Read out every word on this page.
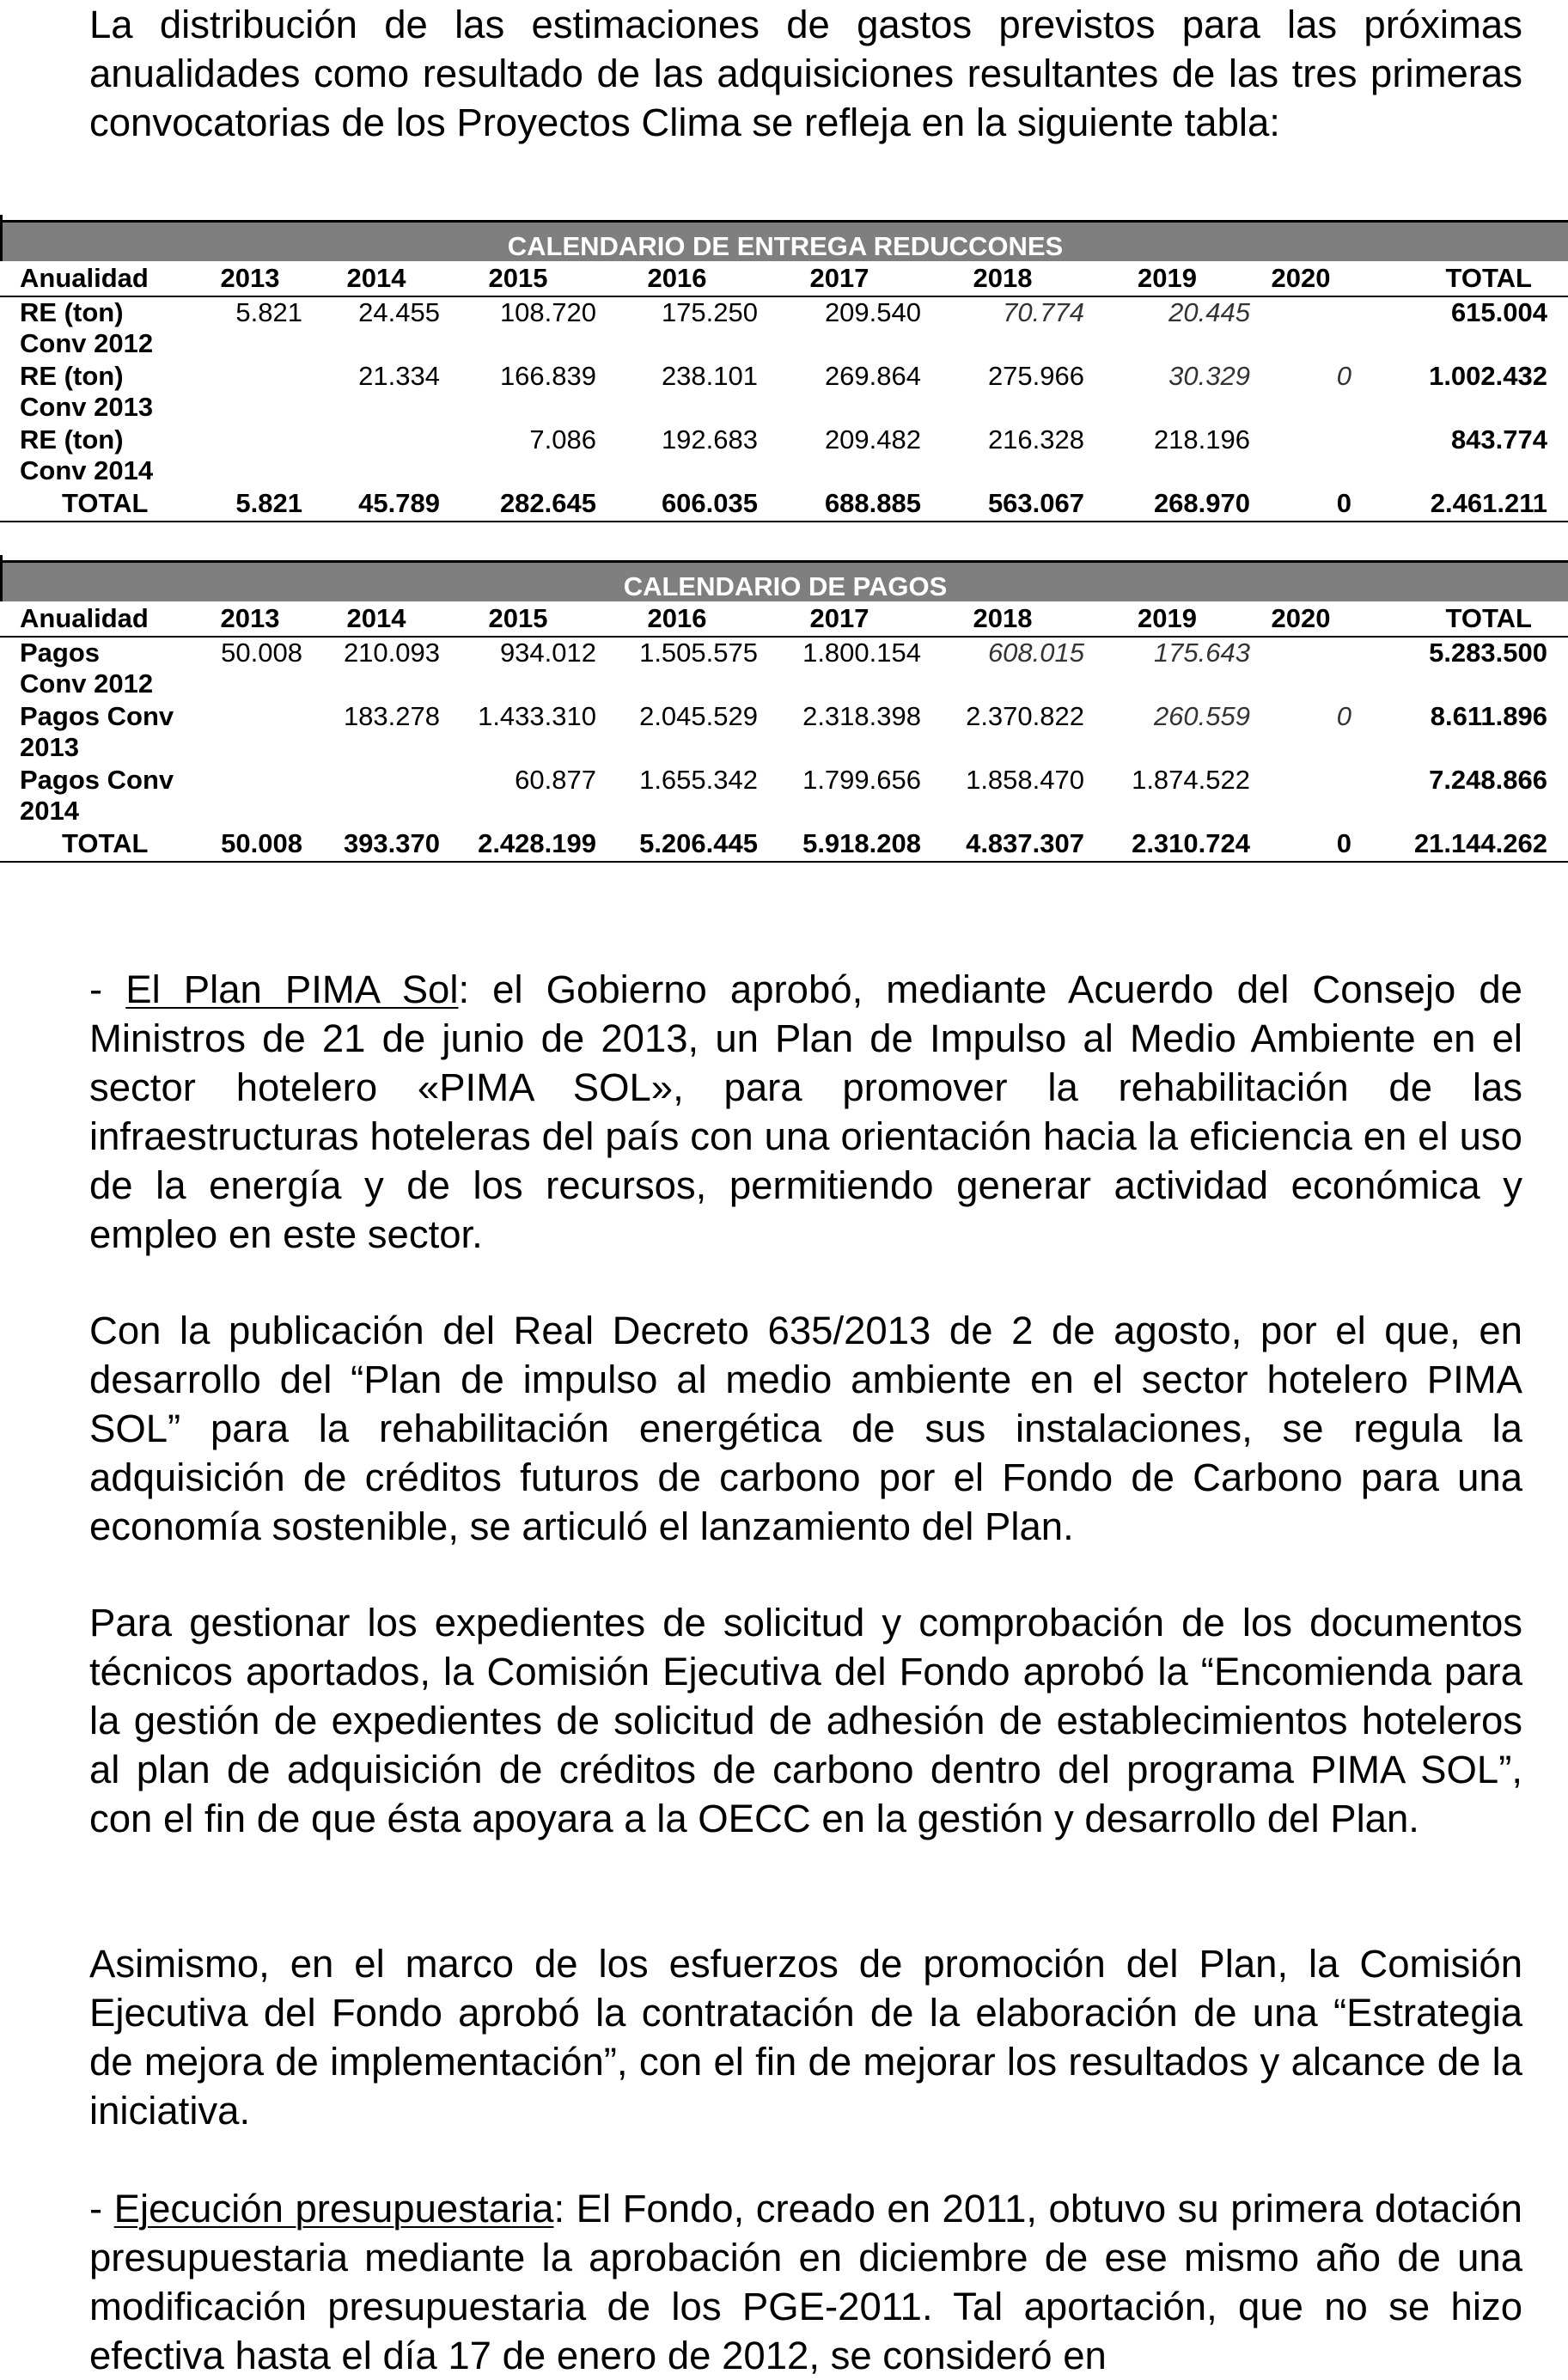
La distribución de las estimaciones de gastos previstos para las próximas anualidades como resultado de las adquisiciones resultantes de las tres primeras convocatorias de los Proyectos Clima se refleja en la siguiente tabla:

CALENDARIO DE ENTREGA REDUCCONES
Anualidad	2013	2014	2015	2016	2017	2018	2019	2020	TOTAL
RE (ton)	5.821	24.455	108.720	175.250	209.540	70.774	20.445		615.004
Conv 2012									
RE (ton)		21.334	166.839	238.101	269.864	275.966	30.329	0	1.002.432
Conv 2013									
RE (ton)			7.086	192.683	209.482	216.328	218.196		843.774
Conv 2014									
TOTAL	5.821	45.789	282.645	606.035	688.885	563.067	268.970	0	2.461.211
CALENDARIO DE PAGOS
Anualidad	2013	2014	2015	2016	2017	2018	2019	2020	TOTAL
Pagos	50.008	210.093	934.012	1.505.575	1.800.154	608.015	175.643		5.283.500
Conv 2012									
Pagos Conv		183.278	1.433.310	2.045.529	2.318.398	2.370.822	260.559	0	8.611.896
2013									
Pagos Conv			60.877	1.655.342	1.799.656	1.858.470	1.874.522		7.248.866
2014									
TOTAL	50.008	393.370	2.428.199	5.206.445	5.918.208	4.837.307	2.310.724	0	21.144.262

- El Plan PIMA Sol: el Gobierno aprobó, mediante Acuerdo del Consejo de Ministros de 21 de junio de 2013, un Plan de Impulso al Medio Ambiente en el sector hotelero «PIMA SOL», para promover la rehabilitación de las infraestructuras hoteleras del país con una orientación hacia la eficiencia en el uso de la energía y de los recursos, permitiendo generar actividad económica y empleo en este sector.

Con la publicación del Real Decreto 635/2013 de 2 de agosto, por el que, en desarrollo del “Plan de impulso al medio ambiente en el sector hotelero PIMA SOL” para la rehabilitación energética de sus instalaciones, se regula la adquisición de créditos futuros de carbono por el Fondo de Carbono para una economía sostenible, se articuló el lanzamiento del Plan.

Para gestionar los expedientes de solicitud y comprobación de los documentos técnicos aportados, la Comisión Ejecutiva del Fondo aprobó la “Encomienda para la gestión de expedientes de solicitud de adhesión de establecimientos hoteleros al plan de adquisición de créditos de carbono dentro del programa PIMA SOL”, con el fin de que ésta apoyara a la OECC en la gestión y desarrollo del Plan.

Asimismo, en el marco de los esfuerzos de promoción del Plan, la Comisión Ejecutiva del Fondo aprobó la contratación de la elaboración de una “Estrategia de mejora de implementación”, con el fin de mejorar los resultados y alcance de la iniciativa.

- Ejecución presupuestaria: El Fondo, creado en 2011, obtuvo su primera dotación presupuestaria mediante la aprobación en diciembre de ese mismo año de una modificación presupuestaria de los PGE-2011. Tal aportación, que no se hizo efectiva hasta el día 17 de enero de 2012, se consideró en
